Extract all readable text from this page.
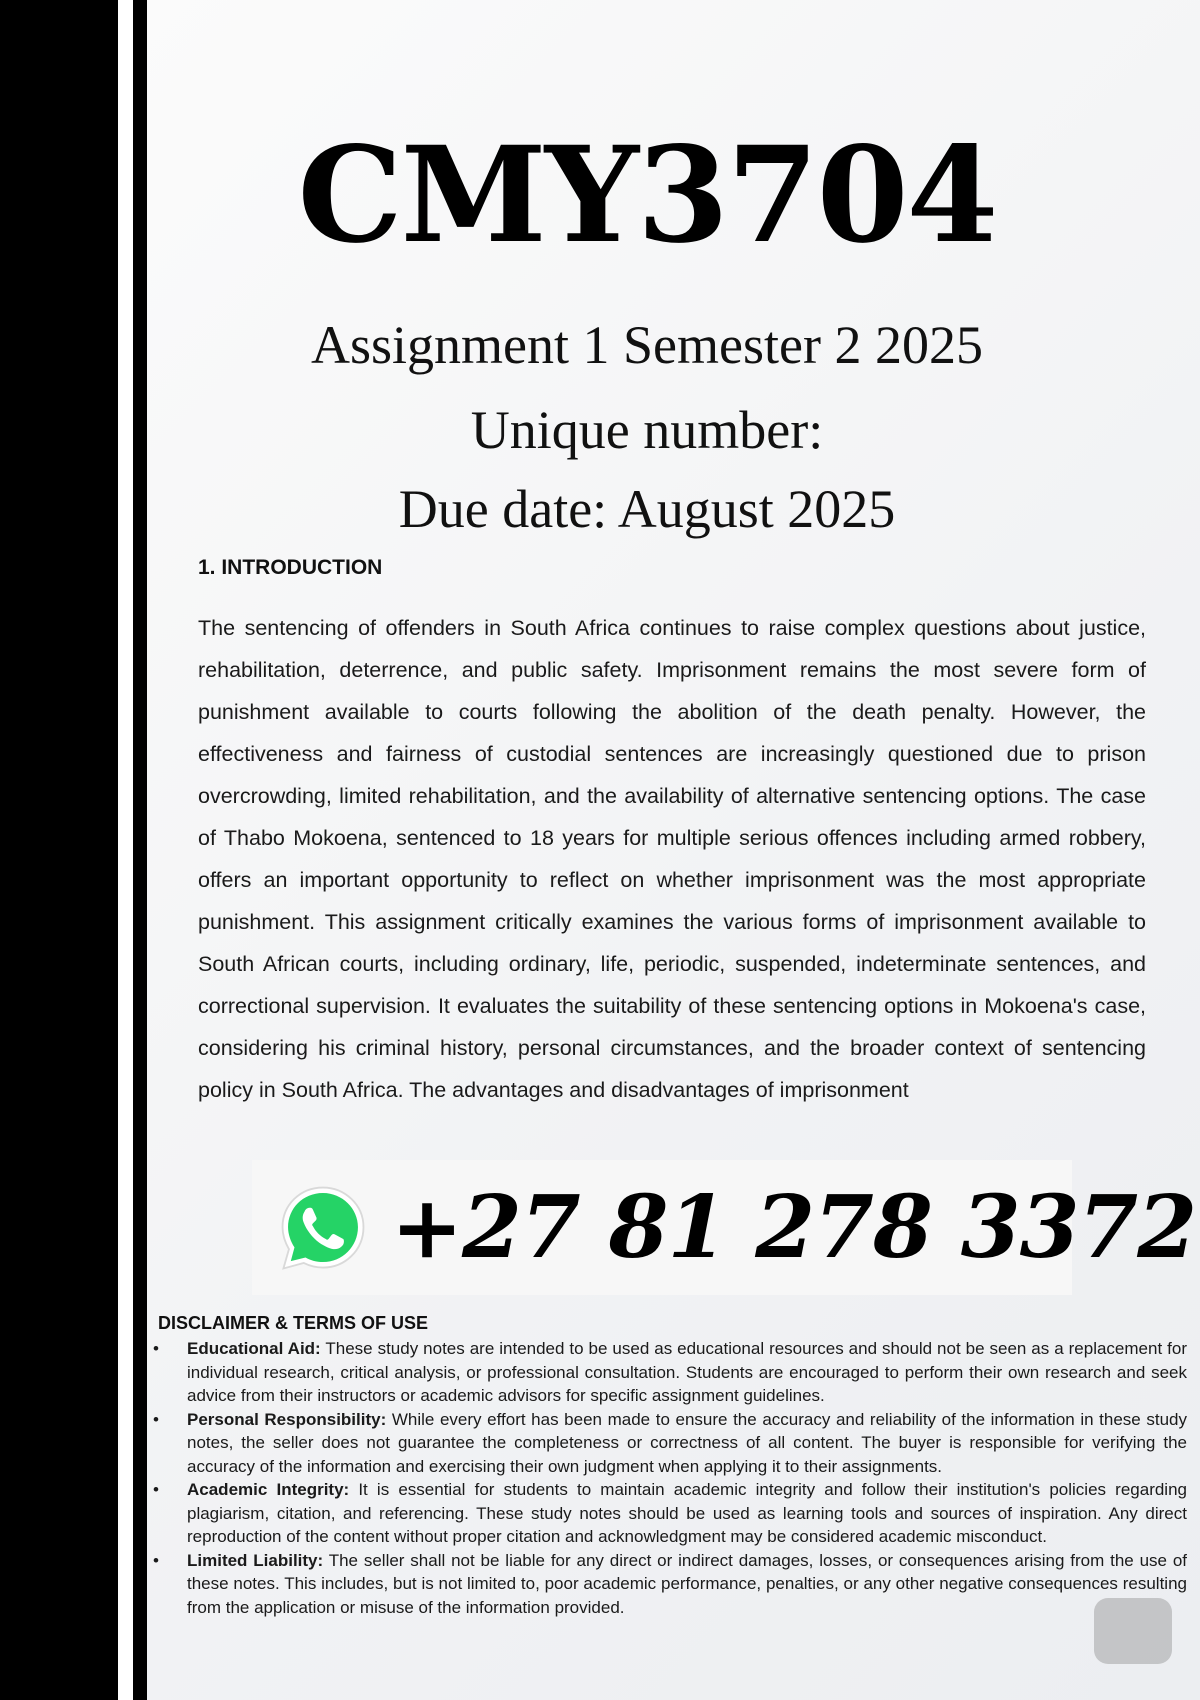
CMY3704
Assignment 1 Semester 2 2025
Unique number:
Due date: August 2025
1. INTRODUCTION

The sentencing of offenders in South Africa continues to raise complex questions about justice, rehabilitation, deterrence, and public safety. Imprisonment remains the most severe form of punishment available to courts following the abolition of the death penalty. However, the effectiveness and fairness of custodial sentences are increasingly questioned due to prison overcrowding, limited rehabilitation, and the availability of alternative sentencing options. The case of Thabo Mokoena, sentenced to 18 years for multiple serious offences including armed robbery, offers an important opportunity to reflect on whether imprisonment was the most appropriate punishment. This assignment critically examines the various forms of imprisonment available to South African courts, including ordinary, life, periodic, suspended, indeterminate sentences, and correctional supervision. It evaluates the suitability of these sentencing options in Mokoena's case, considering his criminal history, personal circumstances, and the broader context of sentencing policy in South Africa. The advantages and disadvantages of imprisonment

+27 81 278 3372
DISCLAIMER & TERMS OF USE
• Educational Aid: These study notes are intended to be used as educational resources and should not be seen as a replacement for individual research, critical analysis, or professional consultation. Students are encouraged to perform their own research and seek advice from their instructors or academic advisors for specific assignment guidelines.
• Personal Responsibility: While every effort has been made to ensure the accuracy and reliability of the information in these study notes, the seller does not guarantee the completeness or correctness of all content. The buyer is responsible for verifying the accuracy of the information and exercising their own judgment when applying it to their assignments.
• Academic Integrity: It is essential for students to maintain academic integrity and follow their institution's policies regarding plagiarism, citation, and referencing. These study notes should be used as learning tools and sources of inspiration. Any direct reproduction of the content without proper citation and acknowledgment may be considered academic misconduct.
• Limited Liability: The seller shall not be liable for any direct or indirect damages, losses, or consequences arising from the use of these notes. This includes, but is not limited to, poor academic performance, penalties, or any other negative consequences resulting from the application or misuse of the information provided.
